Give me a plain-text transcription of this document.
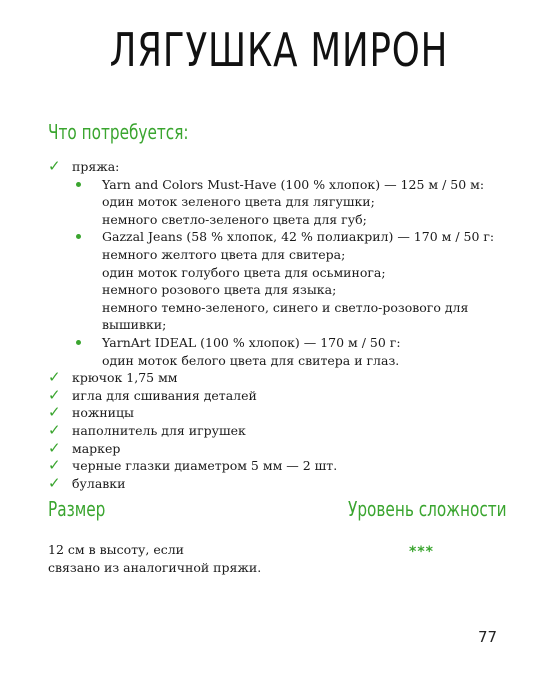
ЛЯГУШКА МИРОН
Что потребуется:
✓ пряжа:
Yarn and Colors Must-Have (100 % хлопок) — 125 м / 50 м:
один моток зеленого цвета для лягушки;
немного светло-зеленого цвета для губ;
Gazzal Jeans (58 % хлопок, 42 % полиакрил) — 170 м / 50 г:
немного желтого цвета для свитера;
один моток голубого цвета для осьминога;
немного розового цвета для языка;
немного темно-зеленого, синего и светло-розового для вышивки;
YarnArt IDEAL (100 % хлопок) — 170 м / 50 г:
один моток белого цвета для свитера и глаз.
✓ крючок 1,75 мм
✓ игла для сшивания деталей
✓ ножницы
✓ наполнитель для игрушек
✓ маркер
✓ черные глазки диаметром 5 мм — 2 шт.
✓ булавки
Размер	Уровень сложности
12 см в высоту, если
связано из аналогичной пряжи.
***
77
